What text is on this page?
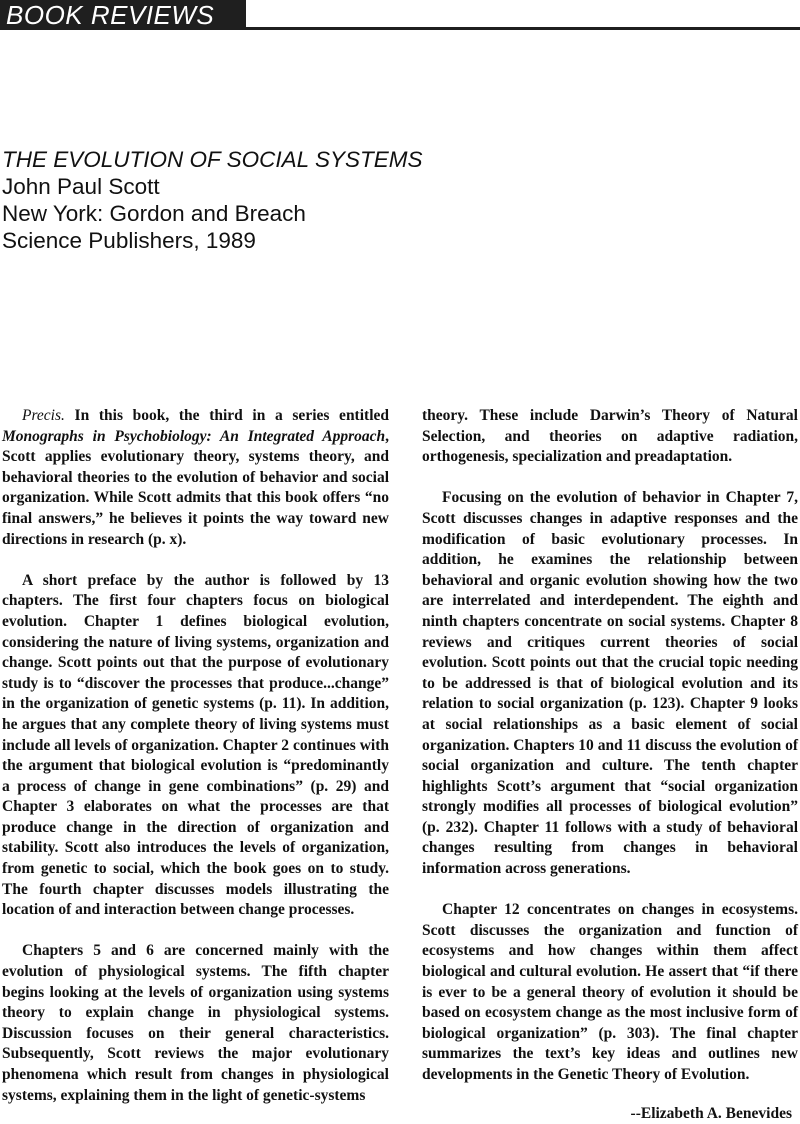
BOOK REVIEWS
THE EVOLUTION OF SOCIAL SYSTEMS
John Paul Scott
New York: Gordon and Breach
Science Publishers, 1989

Precis. In this book, the third in a series entitled Monographs in Psychobiology: An Integrated Approach, Scott applies evolutionary theory, systems theory, and behavioral theories to the evolution of behavior and social organization. While Scott admits that this book offers “no final answers,” he believes it points the way toward new directions in research (p. x).

A short preface by the author is followed by 13 chapters. The first four chapters focus on biological evolution. Chapter 1 defines biological evolution, considering the nature of living systems, organization and change. Scott points out that the purpose of evolutionary study is to “discover the processes that produce...change” in the organization of genetic systems (p. 11). In addition, he argues that any complete theory of living systems must include all levels of organization. Chapter 2 continues with the argument that biological evolution is “predominantly a process of change in gene combinations” (p. 29) and Chapter 3 elaborates on what the processes are that produce change in the direction of organization and stability. Scott also introduces the levels of organization, from genetic to social, which the book goes on to study. The fourth chapter discusses models illustrating the location of and interaction between change processes.

Chapters 5 and 6 are concerned mainly with the evolution of physiological systems. The fifth chapter begins looking at the levels of organization using systems theory to explain change in physiological systems. Discussion focuses on their general characteristics. Subsequently, Scott reviews the major evolutionary phenomena which result from changes in physiological systems, explaining them in the light of genetic-systems

theory. These include Darwin’s Theory of Natural Selection, and theories on adaptive radiation, orthogenesis, specialization and preadaptation.

Focusing on the evolution of behavior in Chapter 7, Scott discusses changes in adaptive responses and the modification of basic evolutionary processes. In addition, he examines the relationship between behavioral and organic evolution showing how the two are interrelated and interdependent. The eighth and ninth chapters concentrate on social systems. Chapter 8 reviews and critiques current theories of social evolution. Scott points out that the crucial topic needing to be addressed is that of biological evolution and its relation to social organization (p. 123). Chapter 9 looks at social relationships as a basic element of social organization. Chapters 10 and 11 discuss the evolution of social organization and culture. The tenth chapter highlights Scott’s argument that “social organization strongly modifies all processes of biological evolution” (p. 232). Chapter 11 follows with a study of behavioral changes resulting from changes in behavioral information across generations.

Chapter 12 concentrates on changes in ecosystems. Scott discusses the organization and function of ecosystems and how changes within them affect biological and cultural evolution. He assert that “if there is ever to be a general theory of evolution it should be based on ecosystem change as the most inclusive form of biological organization” (p. 303). The final chapter summarizes the text’s key ideas and outlines new developments in the Genetic Theory of Evolution.

--Elizabeth A. Benevides
